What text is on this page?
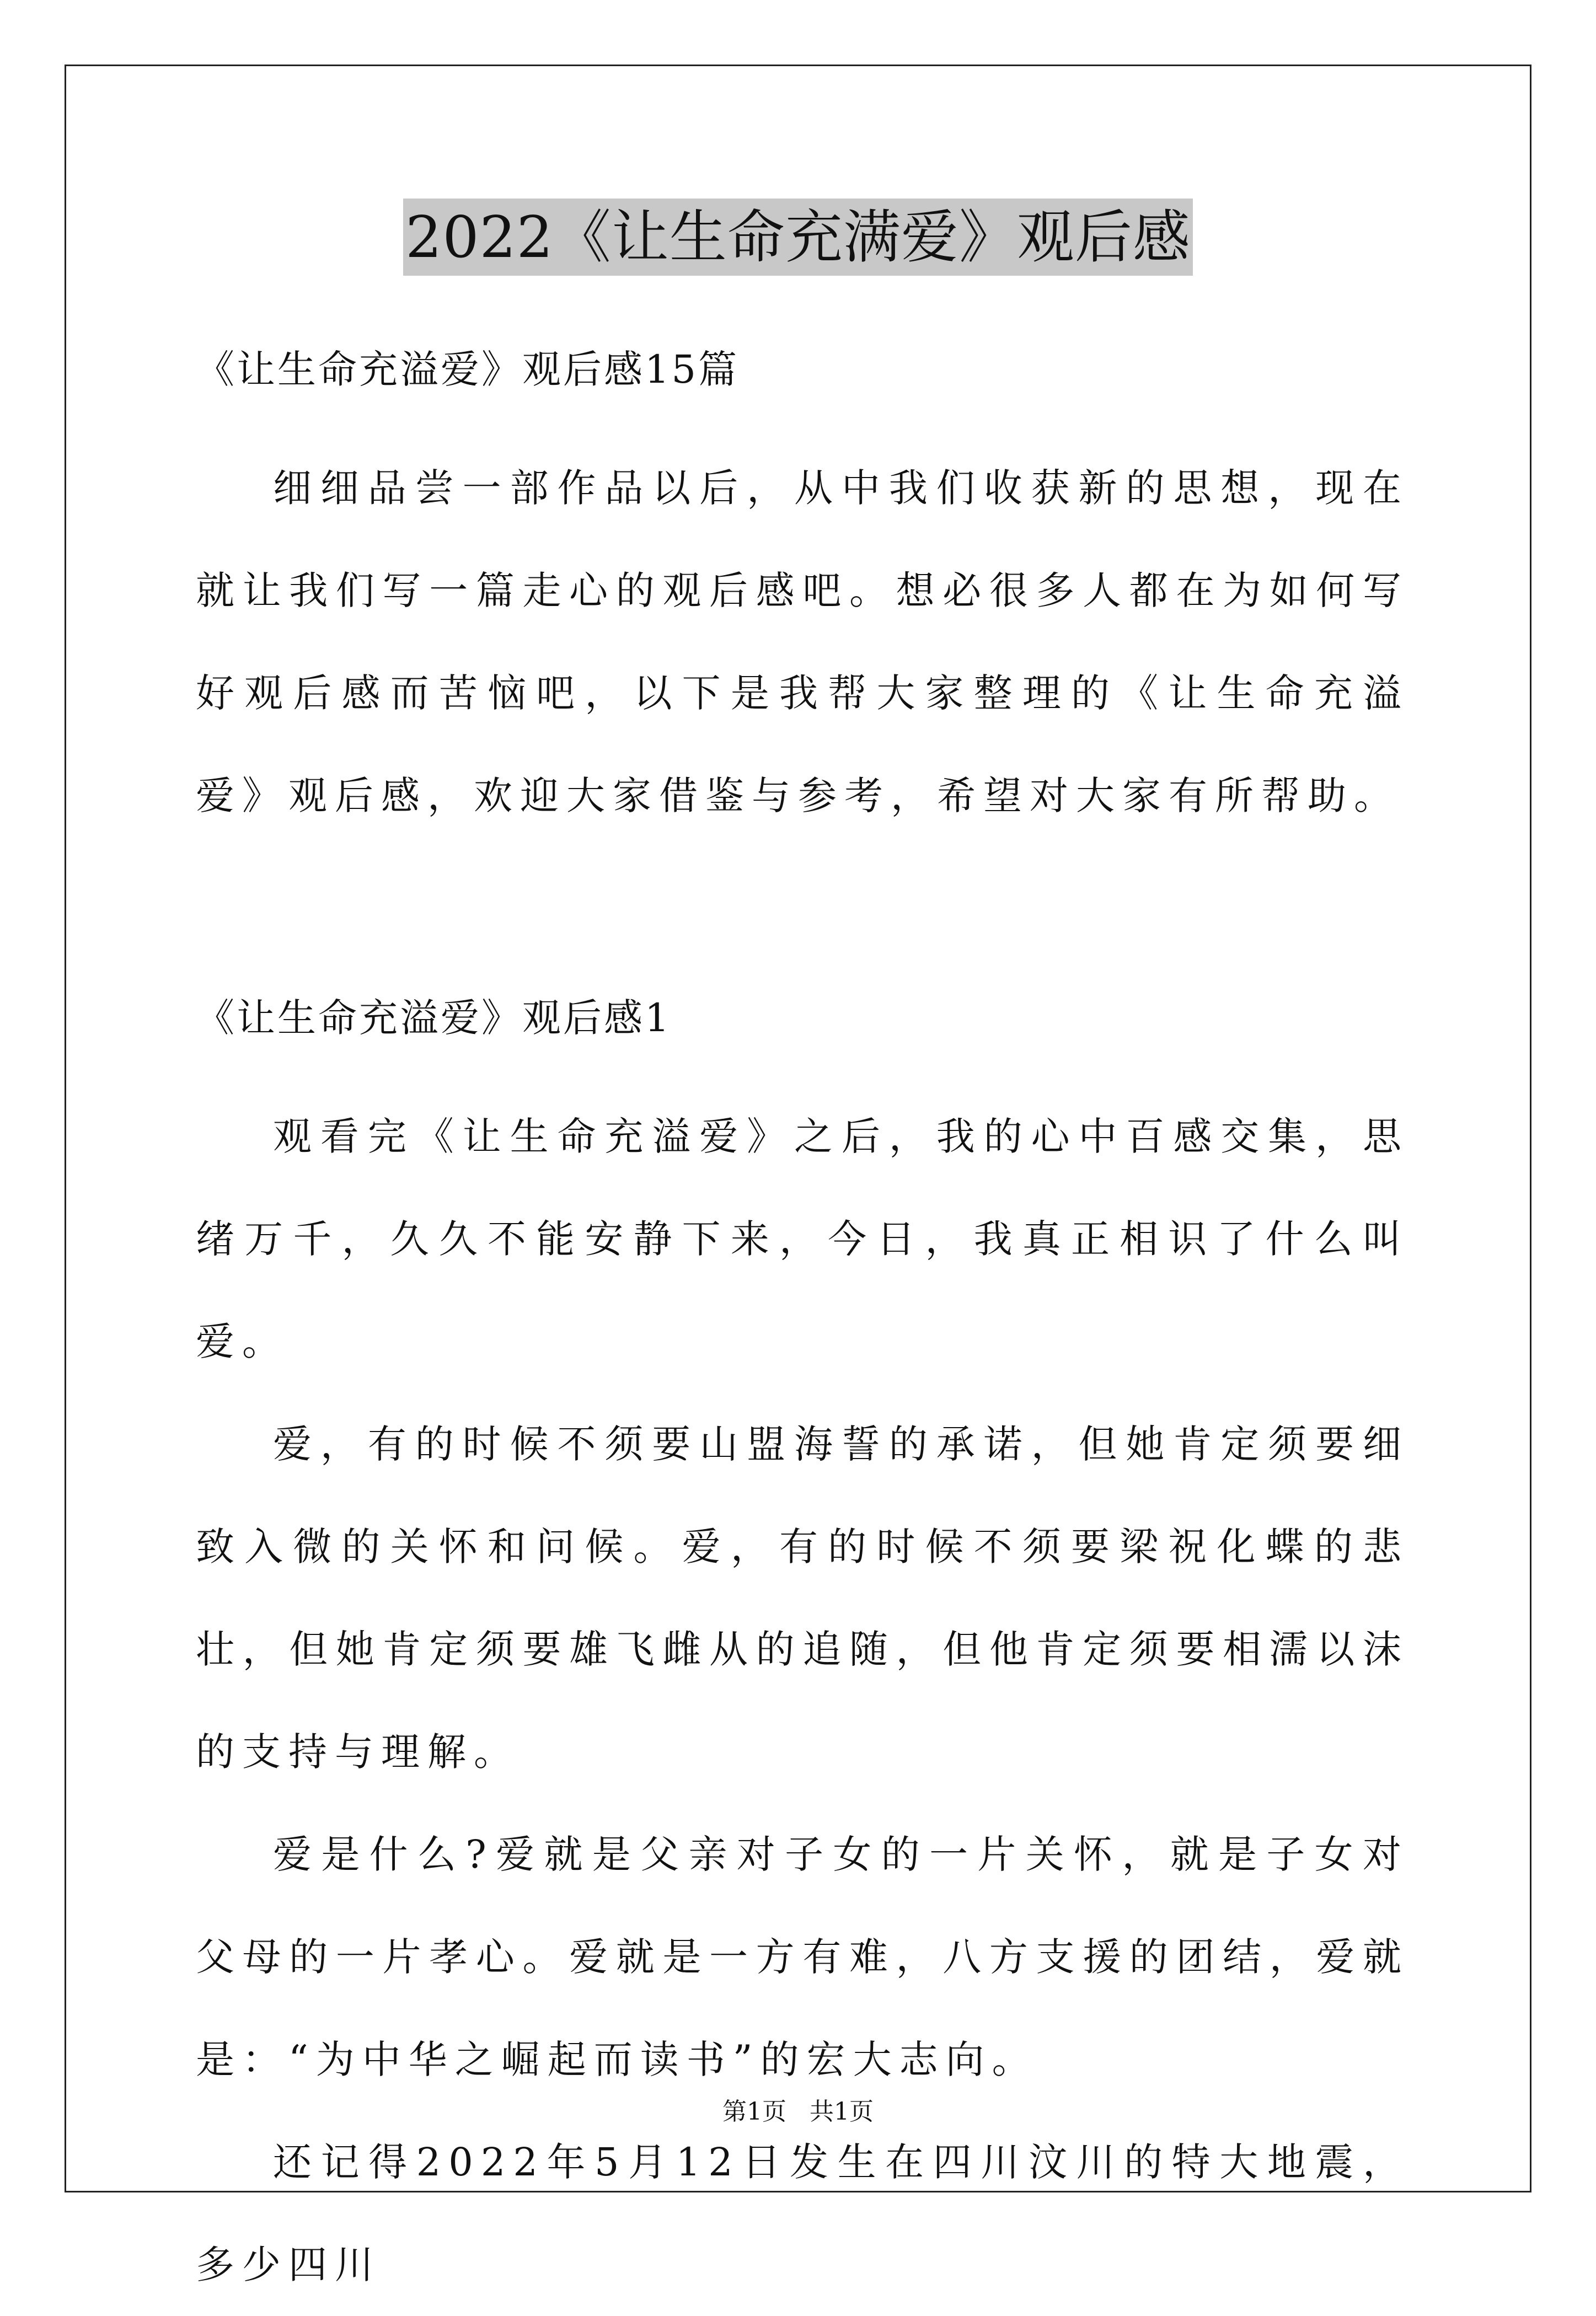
2022《让生命充满爱》观后感

《让生命充溢爱》观后感15篇

细细品尝一部作品以后，从中我们收获新的思想，现在就让我们写一篇走心的观后感吧。想必很多人都在为如何写好观后感而苦恼吧，以下是我帮大家整理的《让生命充溢爱》观后感，欢迎大家借鉴与参考，希望对大家有所帮助。

《让生命充溢爱》观后感1

观看完《让生命充溢爱》之后，我的心中百感交集，思绪万千，久久不能安静下来，今日，我真正相识了什么叫爱。

爱，有的时候不须要山盟海誓的承诺，但她肯定须要细致入微的关怀和问候。爱，有的时候不须要梁祝化蝶的悲壮，但她肯定须要雄飞雌从的追随，但他肯定须要相濡以沫的支持与理解。

爱是什么?爱就是父亲对子女的一片关怀，就是子女对父母的一片孝心。爱就是一方有难，八方支援的团结，爱就是：“为中华之崛起而读书”的宏大志向。

还记得2022年5月12日发生在四川汶川的特大地震，多少四川

第1页   共1页
